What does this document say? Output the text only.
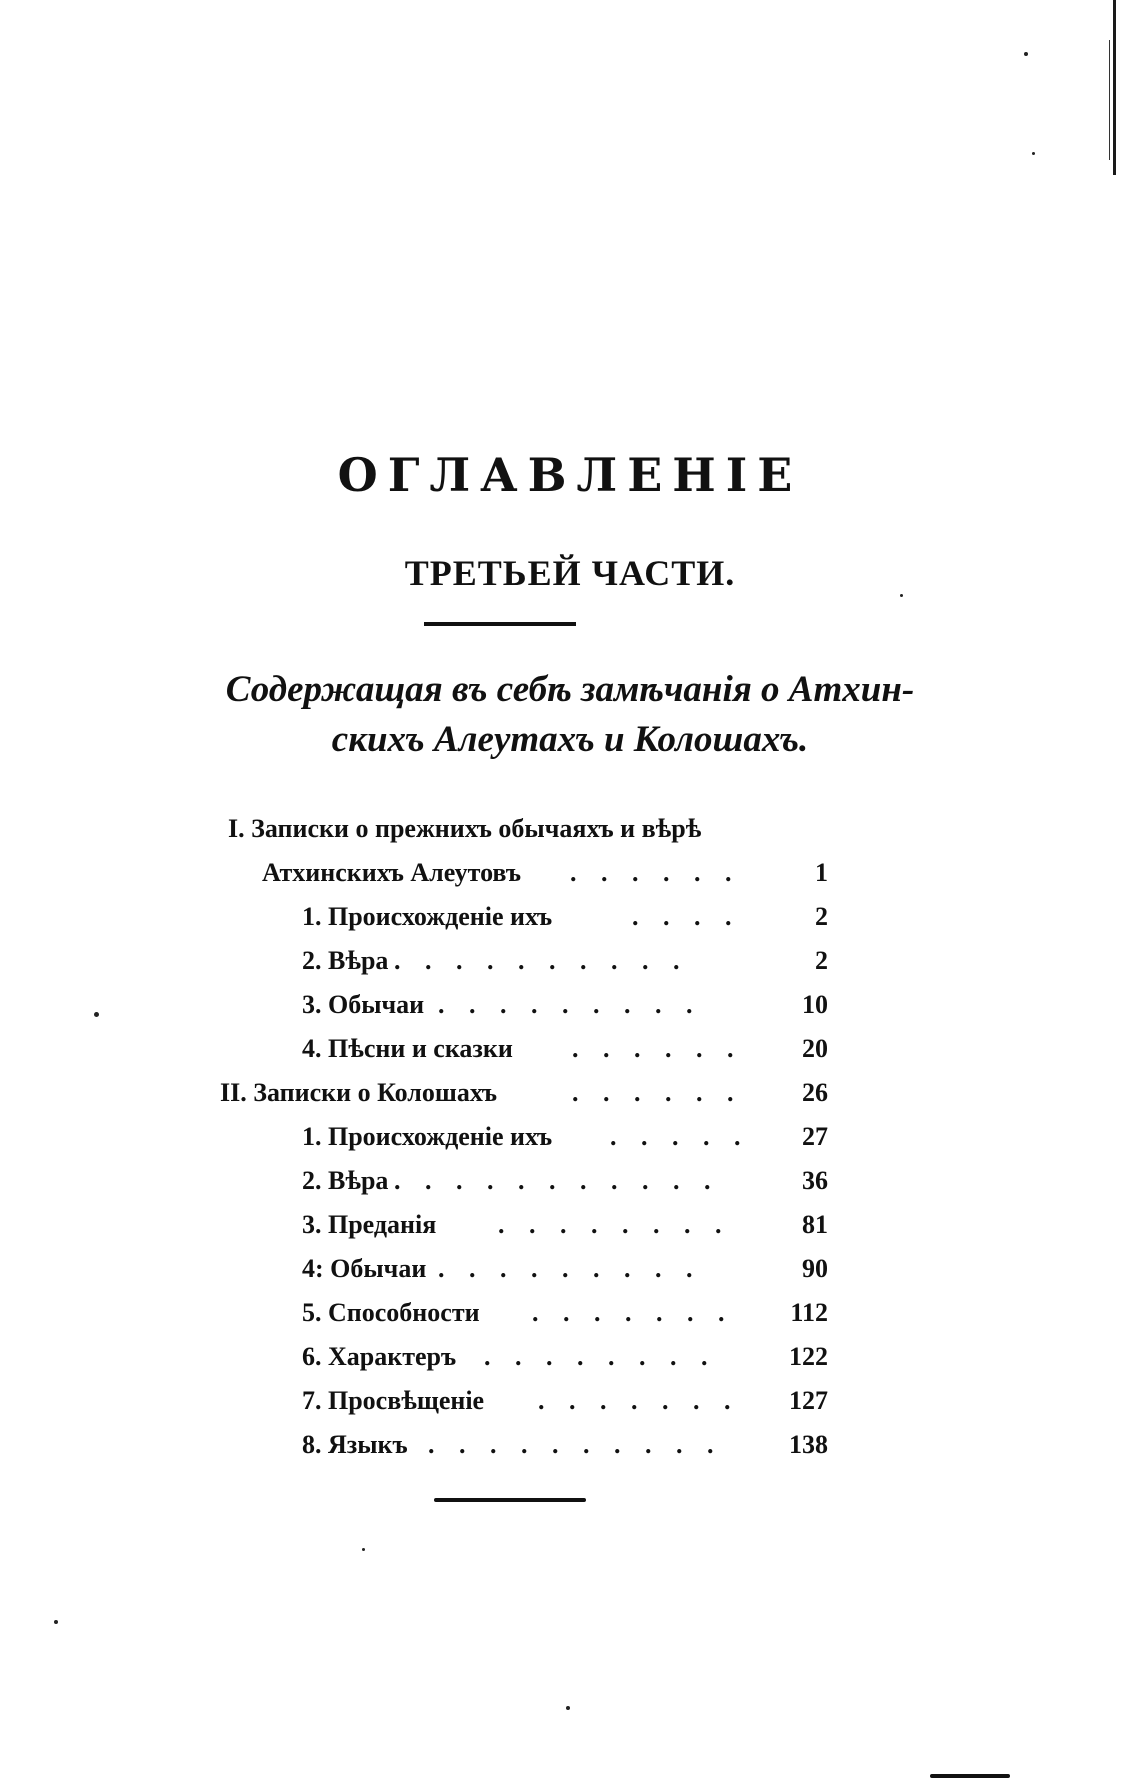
ОГЛАВЛЕНIЕ
ТРЕТЬЕЙ ЧАСТИ.

Содержащая въ себѣ замѣчанiя о Атхин-

скихъ Алеутахъ и Колошахъ.

I. Записки о прежнихъ обычаяхъ и вѣрѣ
Атхинскихъ Алеутовъ . . . . . .	1
1. Происхожденiе ихъ	. . . .	2
2. Вѣра . . . . . . . . . .	2
3. Обычаи . . . . . . . . .	10
4. Пѣсни и сказки . . . . . .	20
II. Записки о Колошахъ	. . . . . .	26
1. Происхожденiе ихъ . . . . .	27
2. Вѣра . . . . . . . . . . .	36
3. Преданiя . . . . . . . .	81
4: Обычаи . . . . . . . . .	90
5. Способности . . . . . . .	112
6. Характеръ . . . . . . . .	122
7. Просвѣщенiе . . . . . . .	127
8. Языкъ . . . . . . . . . .	138
